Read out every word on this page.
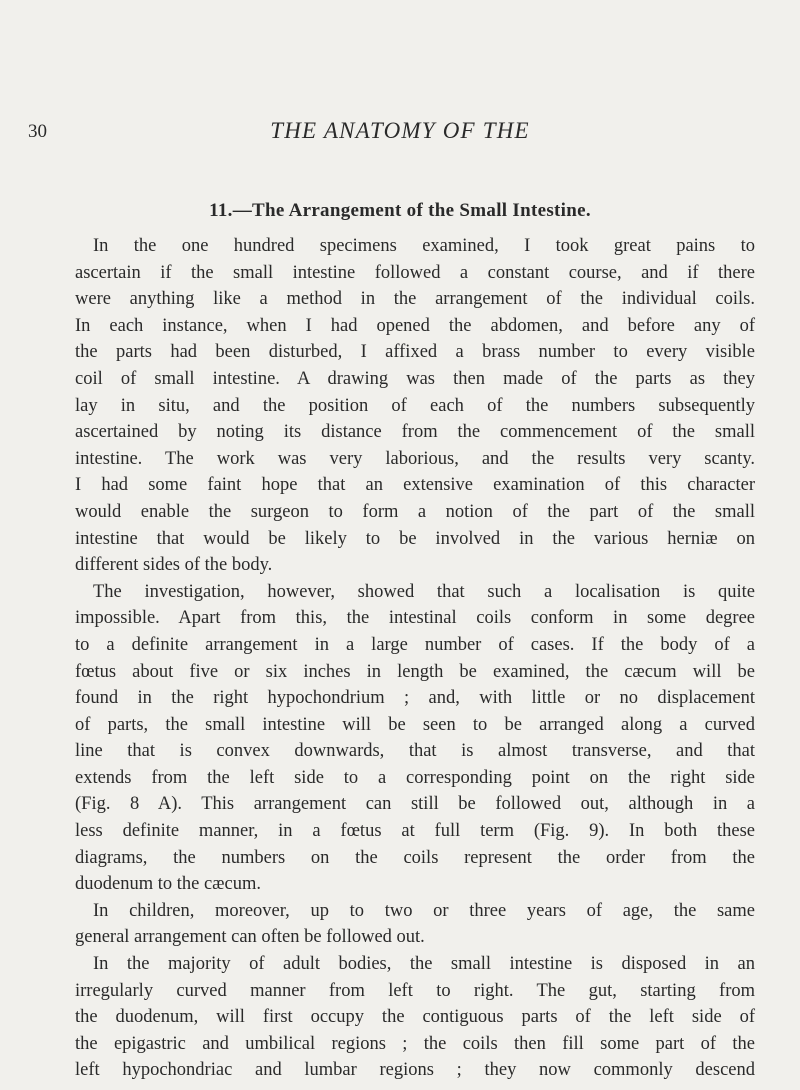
30	THE ANATOMY OF THE
11.—The Arrangement of the Small Intestine.
In the one hundred specimens examined, I took great pains to
ascertain if the small intestine followed a constant course, and if there
were anything like a method in the arrangement of the individual coils.
In each instance, when I had opened the abdomen, and before any of
the parts had been disturbed, I affixed a brass number to every visible
coil of small intestine. A drawing was then made of the parts as they
lay in situ, and the position of each of the numbers subsequently
ascertained by noting its distance from the commencement of the small
intestine. The work was very laborious, and the results very scanty.
I had some faint hope that an extensive examination of this character
would enable the surgeon to form a notion of the part of the small
intestine that would be likely to be involved in the various herniæ on
different sides of the body.
The investigation, however, showed that such a localisation is quite
impossible. Apart from this, the intestinal coils conform in some degree
to a definite arrangement in a large number of cases. If the body of a
fœtus about five or six inches in length be examined, the cæcum will be
found in the right hypochondrium ; and, with little or no displacement
of parts, the small intestine will be seen to be arranged along a curved
line that is convex downwards, that is almost transverse, and that
extends from the left side to a corresponding point on the right side
(Fig. 8 A). This arrangement can still be followed out, although in a
less definite manner, in a fœtus at full term (Fig. 9). In both these
diagrams, the numbers on the coils represent the order from the
duodenum to the cæcum.
In children, moreover, up to two or three years of age, the same
general arrangement can often be followed out.
In the majority of adult bodies, the small intestine is disposed in an
irregularly curved manner from left to right. The gut, starting from
the duodenum, will first occupy the contiguous parts of the left side of
the epigastric and umbilical regions ; the coils then fill some part of the
left hypochondriac and lumbar regions ; they now commonly descend
